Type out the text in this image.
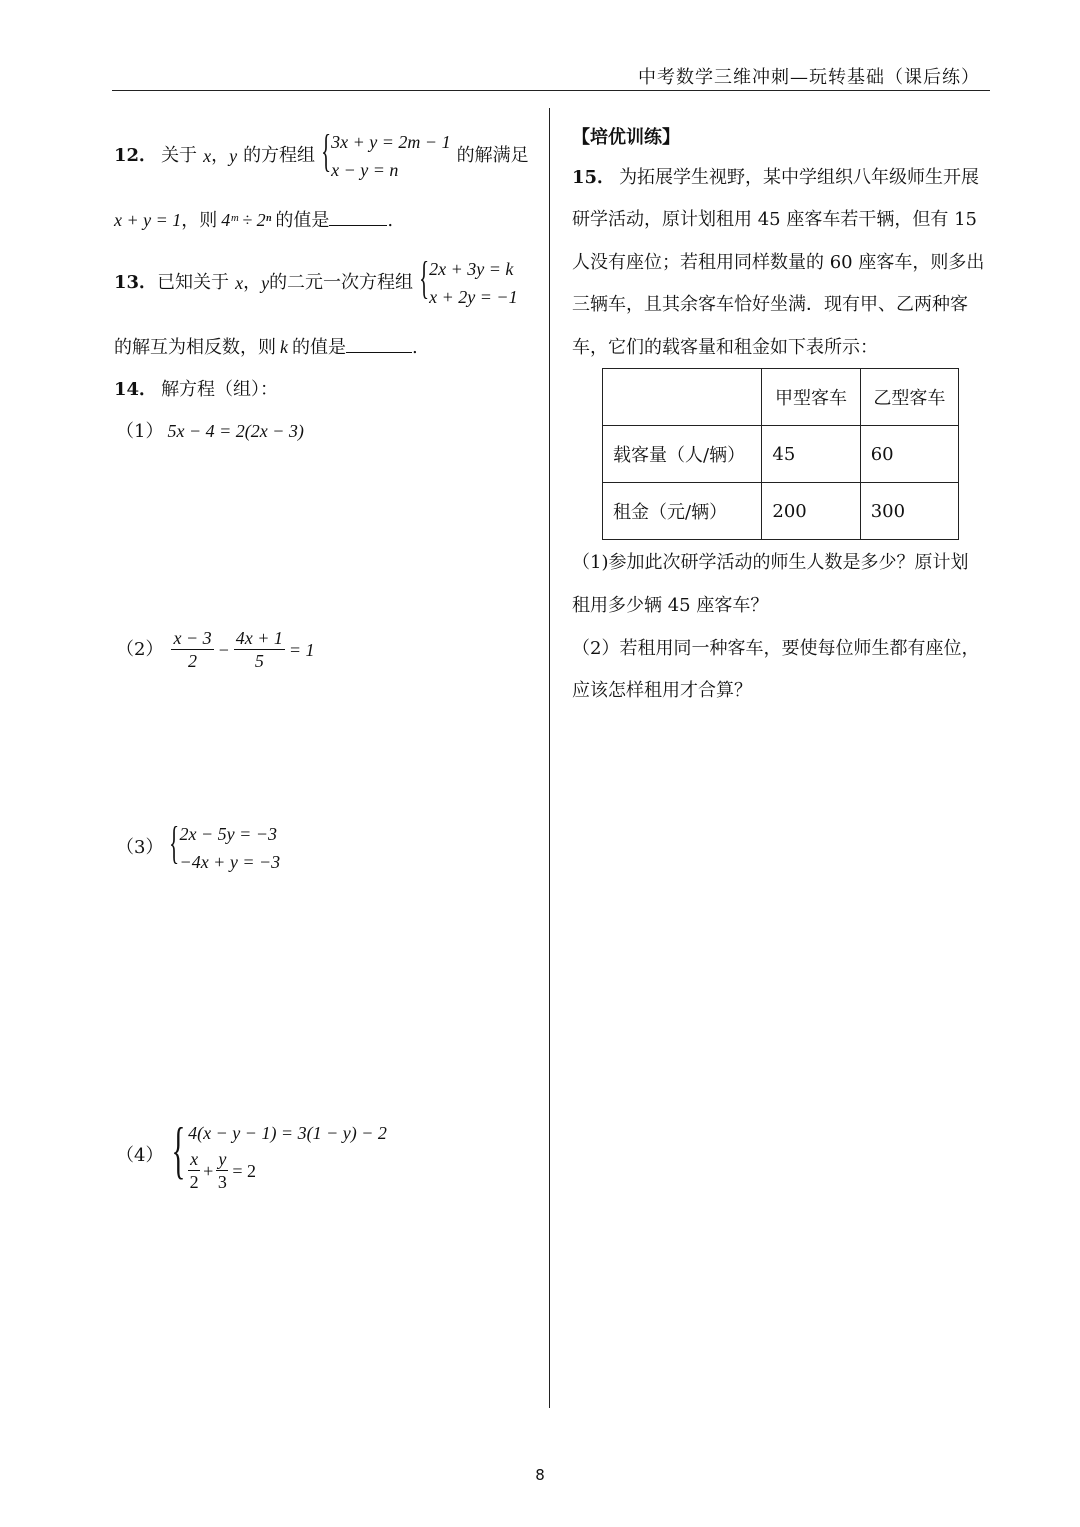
中考数学三维冲刺—玩转基础（课后练）
12． 关于 x ， y 的方程组 { 3x + y = 2m − 1
x − y = n
的解满足
x + y = 1，则 4ᵐ ÷ 2ⁿ 的值是	.
13． 已知关于 x ， y 的二元一次方程组 { 2x + 3y = k
x + 2y = −1
的解互为相反数，则 k 的值是	.
14． 解方程（组）：
（1） 5x − 4 = 2(2x − 3)
$(2) \frac{x - 3}{2} - \frac{4x + 1}{5} = 1$
（3） { 2x − 5y = −3
−4x + y = −3
（4） { 4(x − y − 1) = 3(1 − y) − 2
$\frac{x}{2} + \frac{y}{3} = 2$
【培优训练】
15． 为拓展学生视野，某中学组织八年级师生开展
研学活动，原计划租用 45 座客车若干辆，但有 15
人没有座位；若租用同样数量的 60 座客车，则多出
三辆车，且其余客车恰好坐满．现有甲、乙两种客
车，它们的载客量和租金如下表所示：
	甲型客车	乙型客车
载客量（人/辆）	45	60
租金（元/辆）	200	300
（1)参加此次研学活动的师生人数是多少？原计划
租用多少辆 45 座客车？
（2）若租用同一种客车，要使每位师生都有座位，
应该怎样租用才合算？
8
